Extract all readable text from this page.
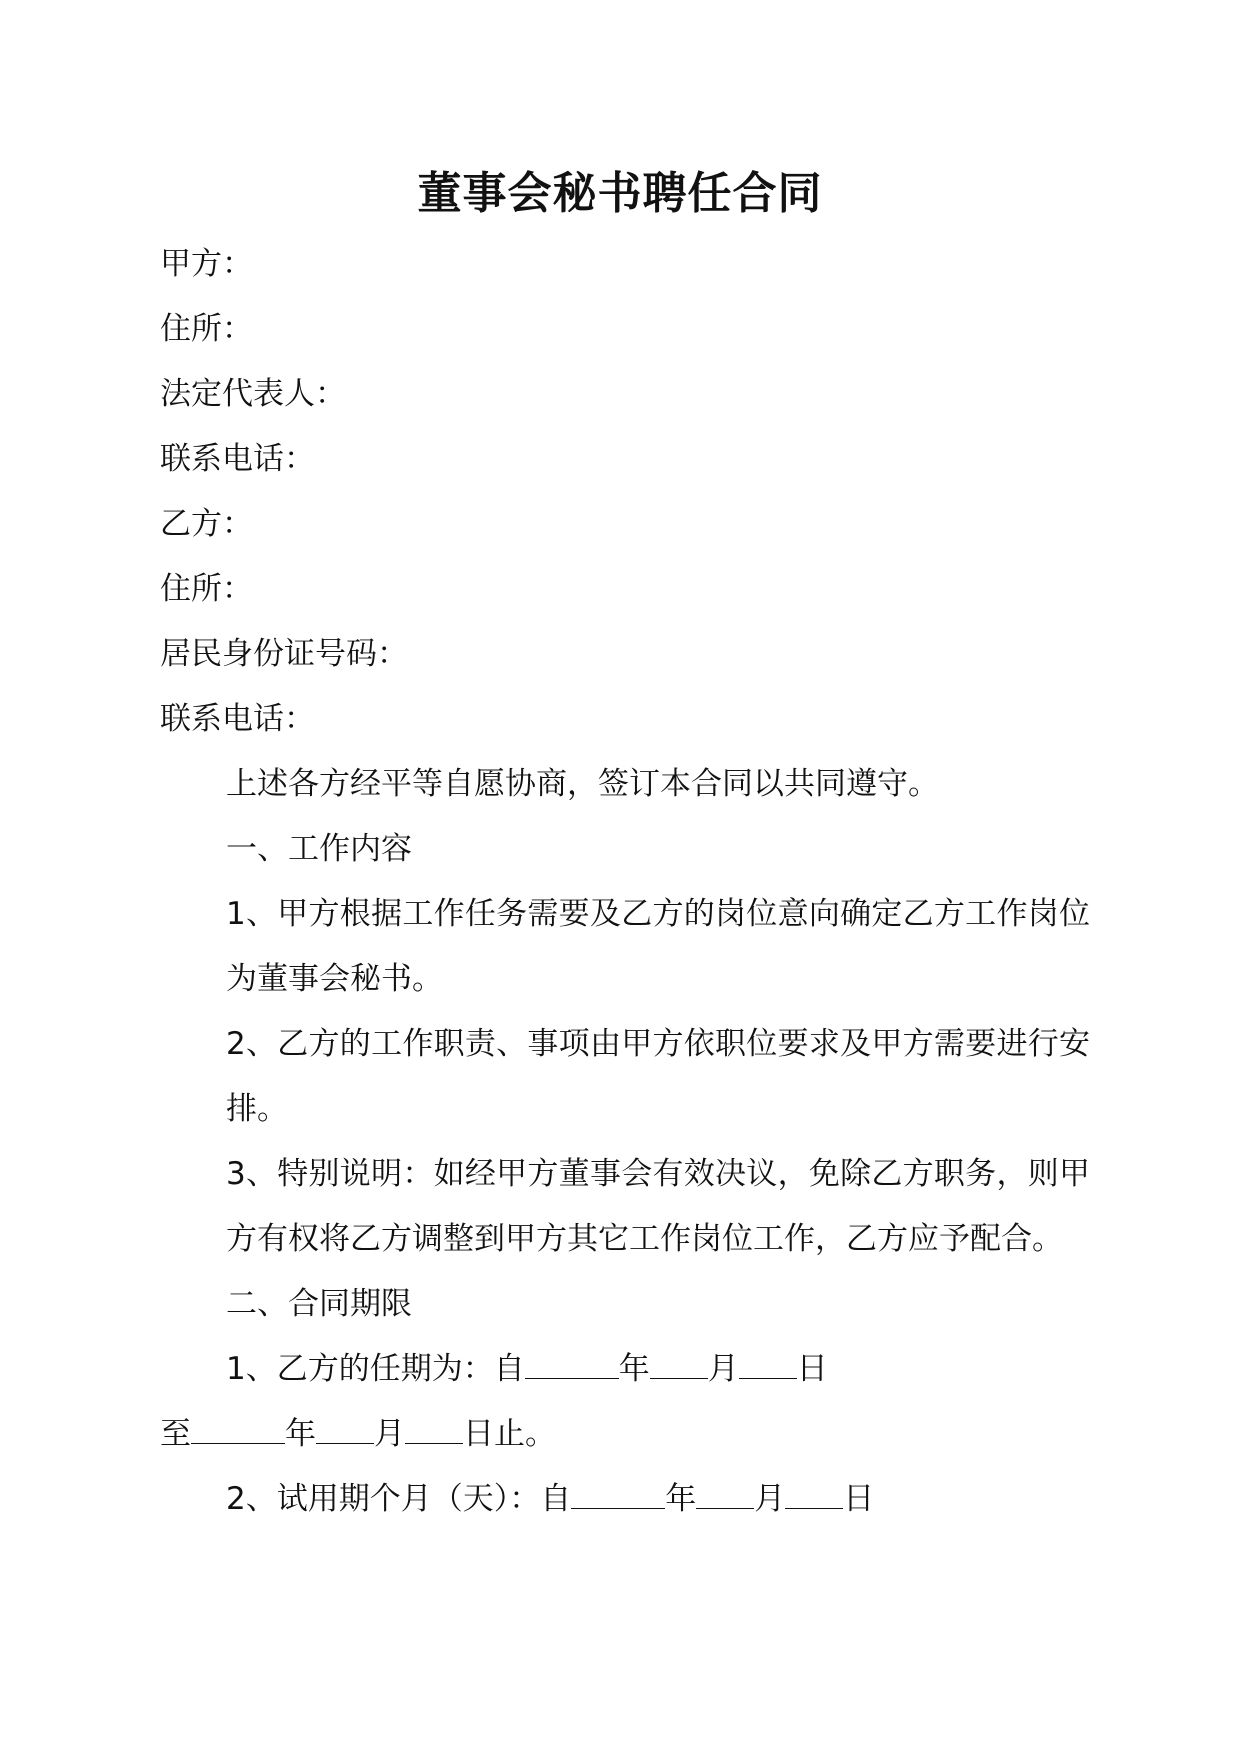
董事会秘书聘任合同

甲方：

住所：

法定代表人：

联系电话：

乙方：

住所：

居民身份证号码：

联系电话：

上述各方经平等自愿协商，签订本合同以共同遵守。

一、工作内容

1、甲方根据工作任务需要及乙方的岗位意向确定乙方工作岗位为董事会秘书。

2、乙方的工作职责、事项由甲方依职位要求及甲方需要进行安排。

3、特别说明：如经甲方董事会有效决议，免除乙方职务，则甲方有权将乙方调整到甲方其它工作岗位工作，乙方应予配合。

二、合同期限

1、乙方的任期为：自	年 月 日

至	年 月 日止。

2、试用期个月（天）：自	年 月 日
